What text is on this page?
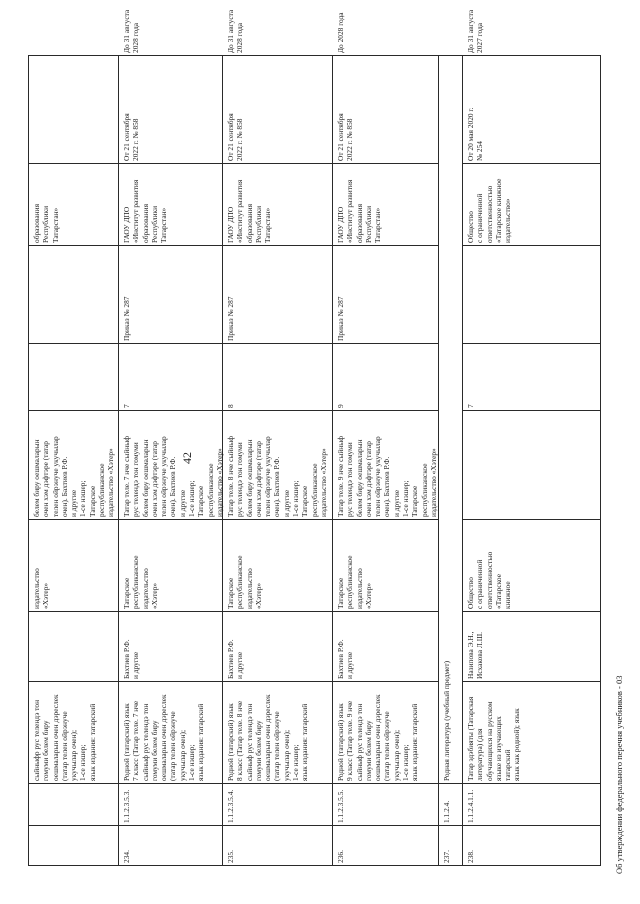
42
сыйныфр рус телендэ тон
гомуми белем биру
оешмаларын очен дэреслек
(татар телен ойрэнуче
укучылар очен);
1-се нэшер;
язык издания: татарский
издательство
«Хэтер»
белем биру оешмаларын
очен хэм дэфтэре (татар
телен ойрэнуче укучылар
очен). Бахтиев Р.Ф.
и другие
1-се нэшер;
Татарское
республиканское
издательство «Хэтер»
образования
Республики
Татарстан»
234.
1.1.2.3.5.3.
Родной (татарский) язык
7 класс (Татар теле. 7 нче
сыйныф рус телендэ тон
гомуми белем биру
оешмаларын очен дэреслек
(татар телен ойрэнуче
укучылар очен);
1-се нэшер;
язык издания: татарский
Бахтиев Р.Ф.
и другие
Татарское
республиканское
издательство
«Хэтер»
Татар теле. 7 нче сыйныф
рус телендэ тон гомуми
белем биру оешмаларын
очен хэм дэфтэре (татар
телен ойрэнуче укучылар
очен). Бахтиев Р.Ф.
и другие
1-се нэшер;
Татарское
республиканское
издательство «Хэтер»
7
Приказ № 287
ГАОУ ДПО
«Институт развития
образования
Республики
Татарстан»
От 21 сентября
2022 г. № 858
До 31 августа
2028 года
235.
1.1.2.3.5.4.
Родной (татарский) язык
8 класс (Татар теле. 8 нче
сыйныф рус телендэ тон
гомуми белем биру
оешмаларын очен дэреслек
(татар телен ойрэнуче
укучылар очен);
1-се нэшер;
язык издания: татарский
Бахтиев Р.Ф.
и другие
Татарское
республиканское
издательство
«Хэтер»
Татар теле. 8 нче сыйныф
рус телендэ тон гомуми
белем биру оешмаларын
очен хэм дэфтэре (татар
телен ойрэнуче укучылар
очен). Бахтиев Р.Ф.
и другие
1-се нэшер;
Татарское
республиканское
издательство «Хэтер»
8
Приказ № 287
ГАОУ ДПО
«Институт развития
образования
Республики
Татарстан»
От 21 сентября
2022 г. № 858
До 31 августа
2028 года
236.
1.1.2.3.5.5.
Родной (татарский) язык
9 класс (Татар теле. 9 нче
сыйныф рус телендэ тон
гомуми белем биру
оешмаларын очен дэреслек
(татар телен ойрэнуче
укучылар очен);
1-се нэшер;
язык издания: татарский
Бахтиев Р.Ф.
и другие
Татарское
республиканское
издательство
«Хэтер»
Татар теле. 9 нче сыйныф
рус телендэ тон гомуми
белем биру оешмаларын
очен хэм дэфтэре (татар
телен ойрэнуче укучылар
очен). Бахтиев Р.Ф.
и другие
1-се нэшер;
Татарское
республиканское
издательство «Хэтер»
9
Приказ № 287
ГАОУ ДПО
«Институт развития
образования
Республики
Татарстан»
От 21 сентября
2022 г. № 858
До 2028 года
237.
1.1.2.4.
Родная литература (учебный предмет)
238.
1.1.2.4.1.1.
Татар эдэбияты (Татарская
литература) (для
обучающихся на русском
языке из изучающих татарский
язык как родной); язык
Назипова Э.Н.,
Исхакова Л.Ш.
Общество
с ограниченной
ответственностью
«Татарское
книжное
7
Общество
с ограниченной
ответственностью
«Татарское книжное
издательство»
От 20 мая 2020 г.
№ 254
До 31 августа
2027 года
Об утверждении федерального перечня учебников - 03
